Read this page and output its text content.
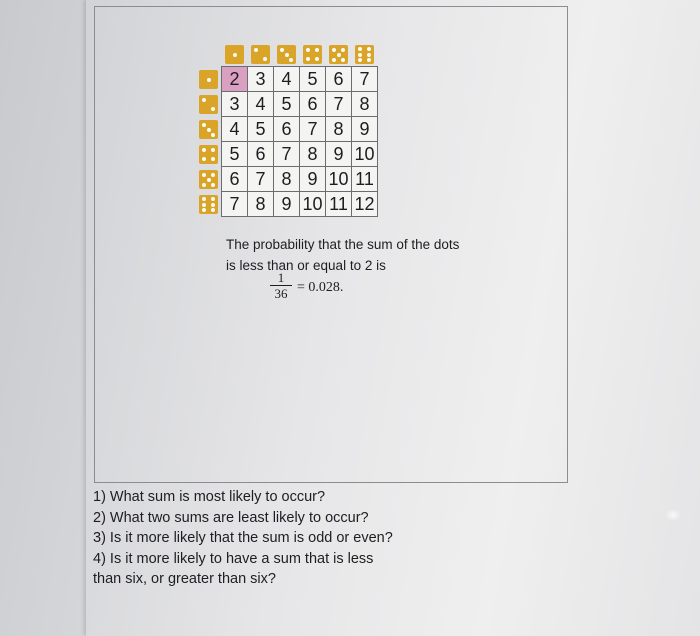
	2	3	4	5	6	7

	3	4	5	6	7	8

	4	5	6	7	8	9

	5	6	7	8	9	10

	6	7	8	9	10	11

	7	8	9	10	11	12
The probability that the sum of the dots is less than or equal to 2 is
1
36 = 0.028.
1) What sum is most likely to occur?
2) What two sums are least likely to occur?
3) Is it more likely that the sum is odd or even?
4) Is it more likely to have a sum that is less
than six, or greater than six?
